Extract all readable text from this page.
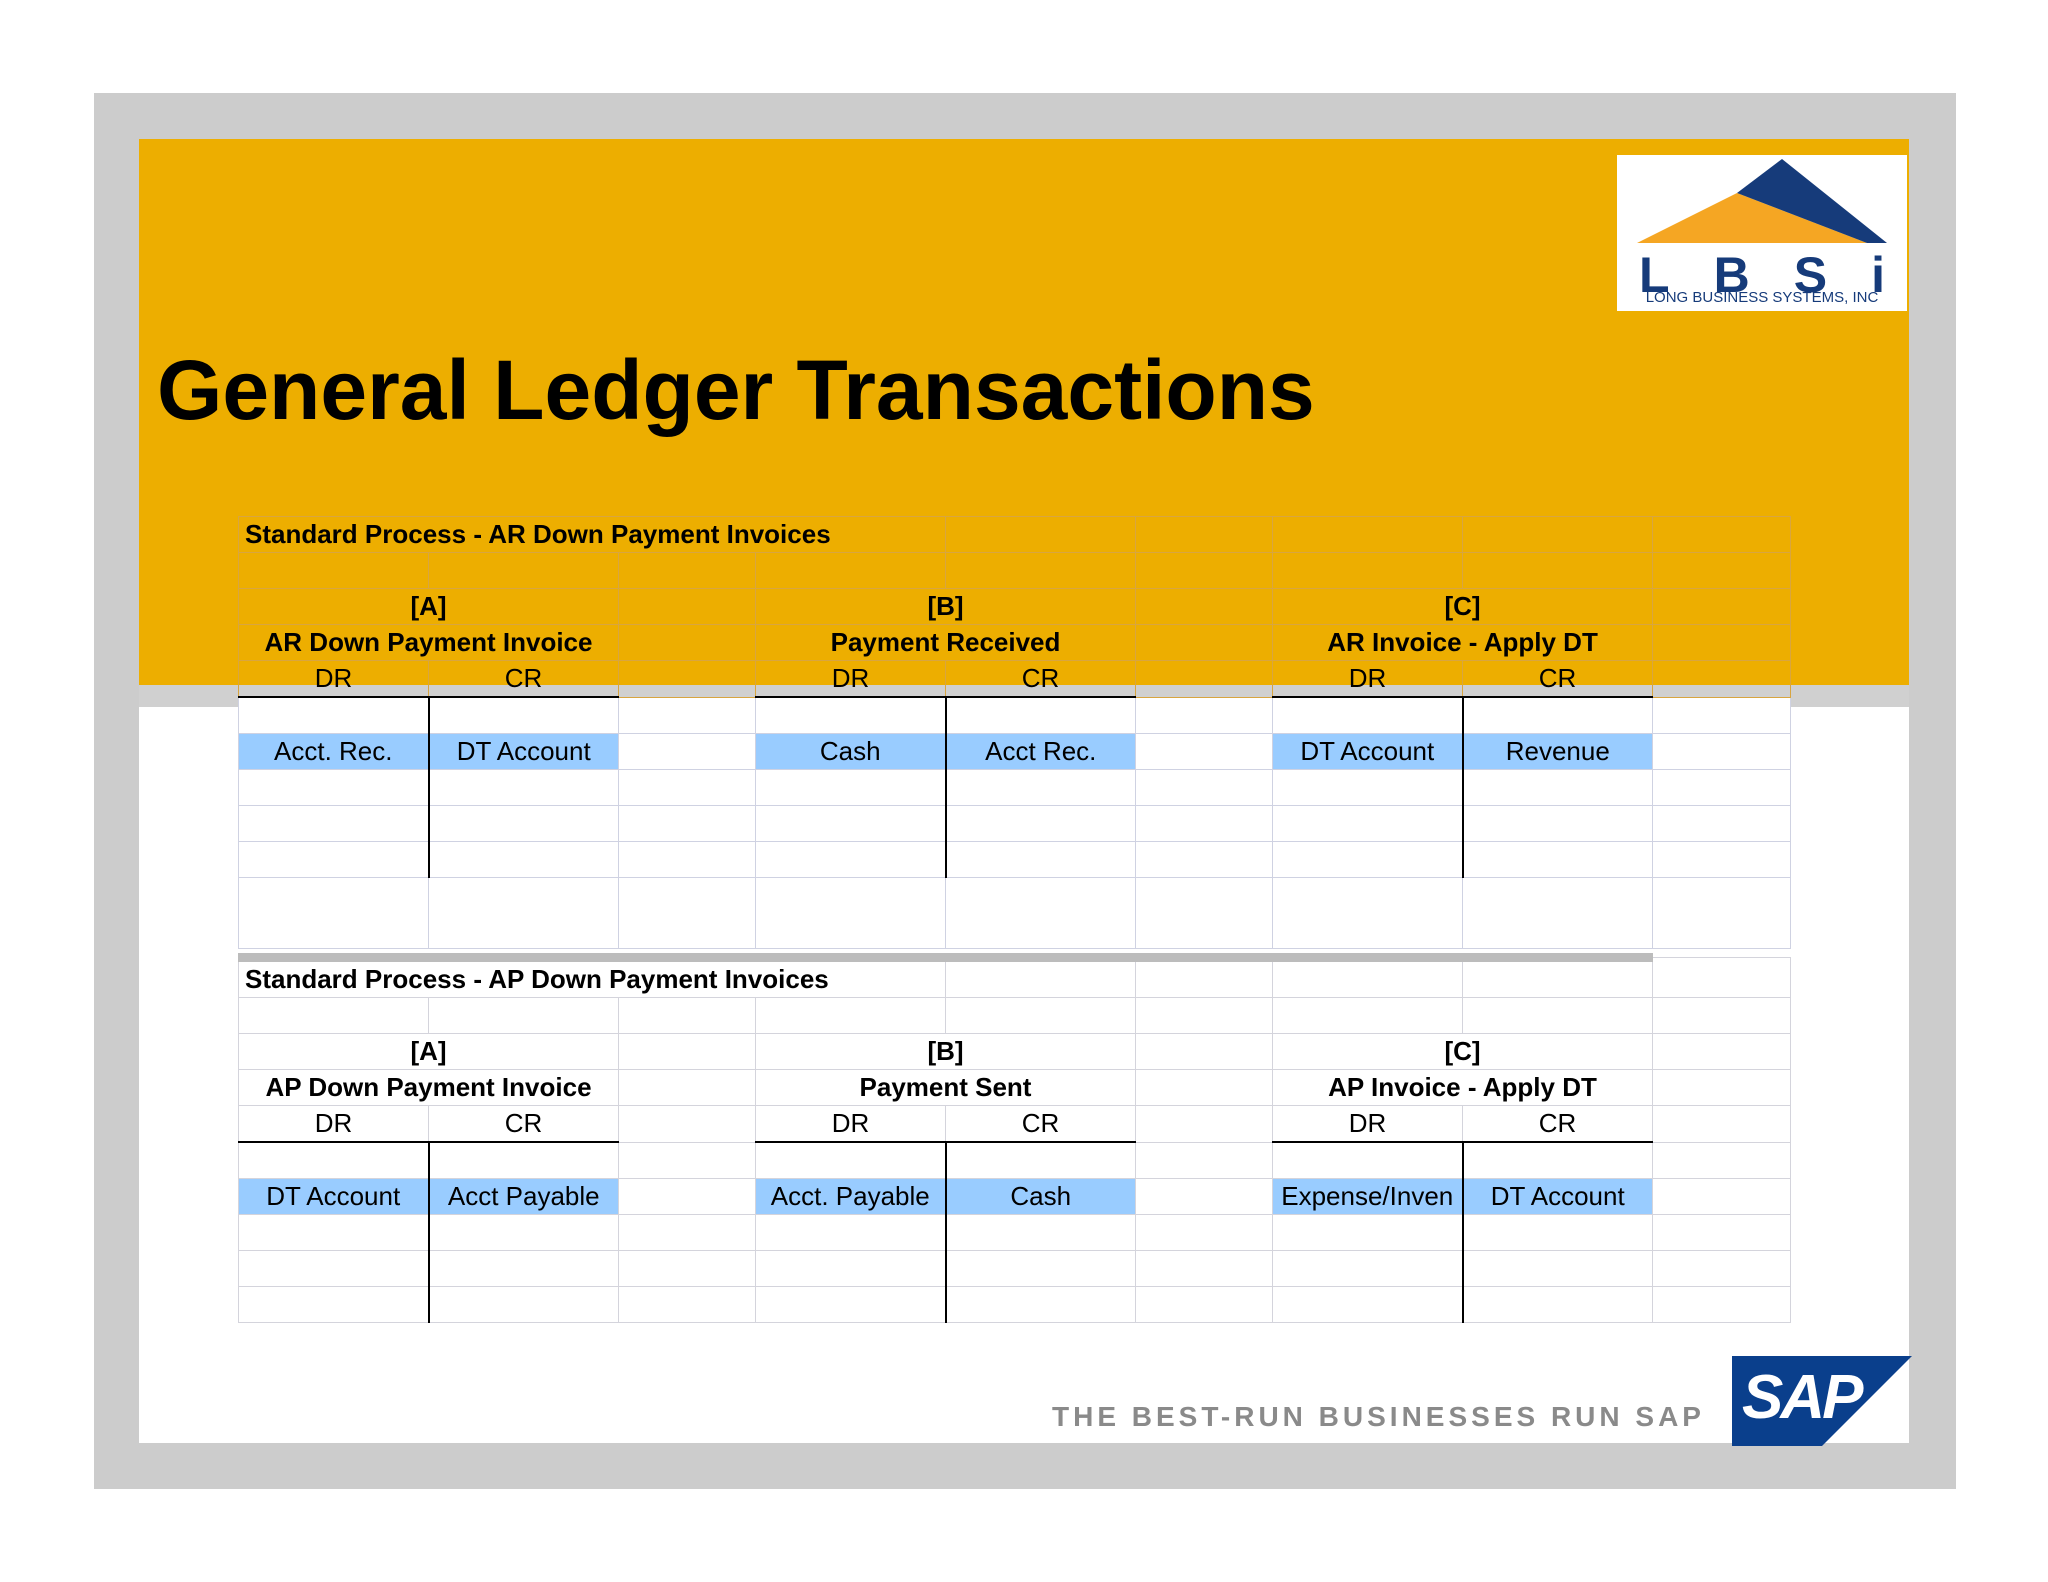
General Ledger Transactions
L B S i
LONG BUSINESS SYSTEMS, INC
Standard Process - AR Down Payment Invoices								

[A]			[B]			[C]		
AR Down Payment Invoice			Payment Received			AR Invoice - Apply DT		
DR	CR		DR	CR		DR	CR	

Acct. Rec.	DT Account		Cash	Acct Rec.		DT Account	Revenue	

Standard Process - AP Down Payment Invoices								

[A]			[B]			[C]		
AP Down Payment Invoice			Payment Sent			AP Invoice - Apply DT		
DR	CR		DR	CR		DR	CR	

DT Account	Acct Payable		Acct. Payable	Cash		Expense/Inven	DT Account	

THE BEST-RUN BUSINESSES RUN SAP SAP
